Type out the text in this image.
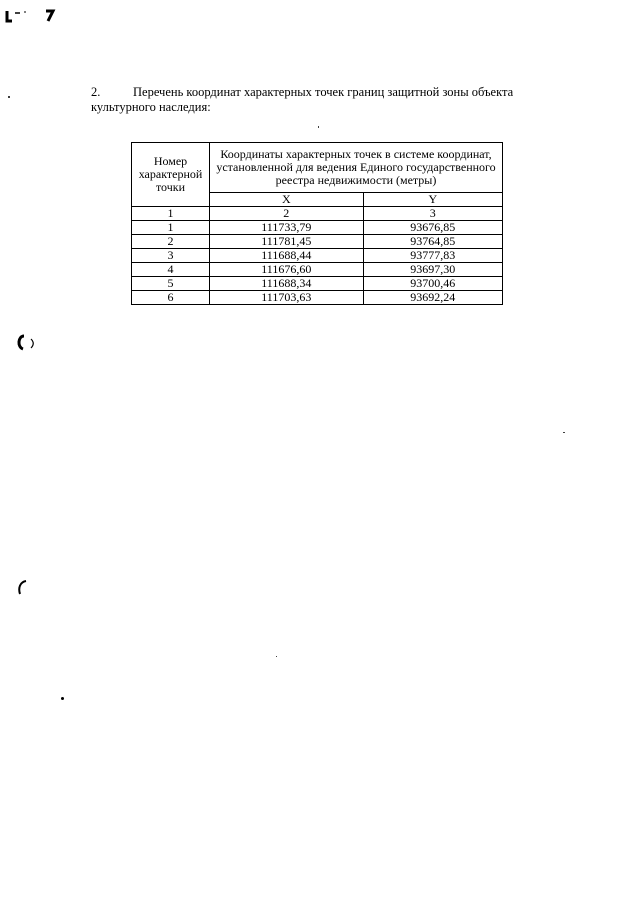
2.	Перечень координат характерных точек границ защитной зоны объекта культурного наследия:
Номер характерной точки	Координаты характерных точек в системе координат, установленной для ведения Единого государственного реестра недвижимости (метры)	
	X	Y
1	2	3
1	111733,79	93676,85
2	111781,45	93764,85
3	111688,44	93777,83
4	111676,60	93697,30
5	111688,34	93700,46
6	111703,63	93692,24
